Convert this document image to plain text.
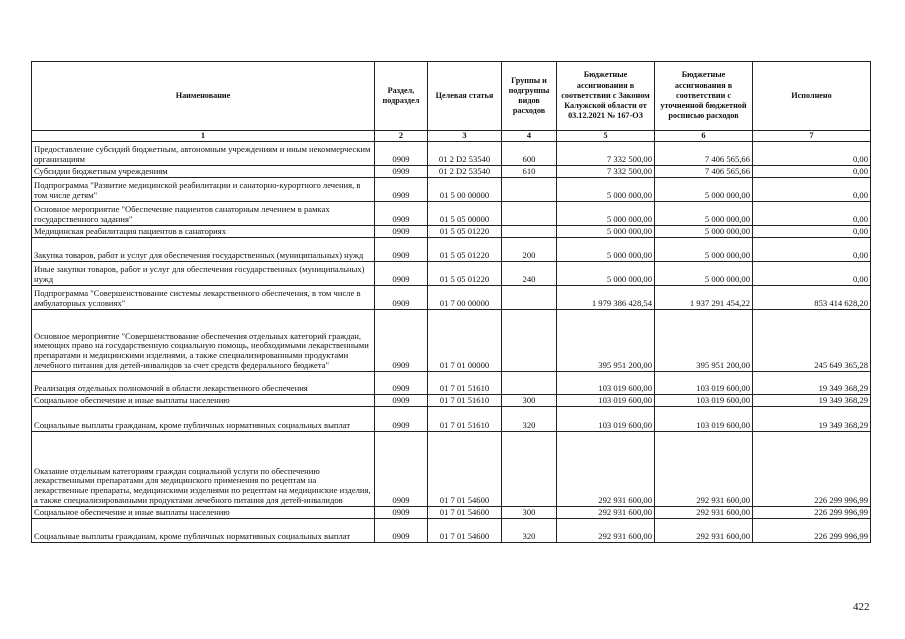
Наименование	Раздел, подраздел	Целевая статья	Группы и подгруппы видов расходов	Бюджетные ассигнования в соответствии с Законом Калужской области от 03.12.2021 № 167-ОЗ	Бюджетные ассигнования в соответствии с уточненной бюджетной росписью расходов	Исполнено
1	2	3	4	5	6	7
Предоставление субсидий бюджетным, автономным учреждениям и иным некоммерческим организациям	0909	01 2 D2 53540	600	7 332 500,00	7 406 565,66	0,00
Субсидии бюджетным учреждениям	0909	01 2 D2 53540	610	7 332 500,00	7 406 565,66	0,00
Подпрограмма "Развитие медицинской реабилитации и санаторно-курортного лечения, в том числе детям"	0909	01 5 00 00000		5 000 000,00	5 000 000,00	0,00
Основное мероприятие "Обеспечение пациентов санаторным лечением в рамках государственного задания"	0909	01 5 05 00000		5 000 000,00	5 000 000,00	0,00
Медицинская реабилитация пациентов в санаториях	0909	01 5 05 01220		5 000 000,00	5 000 000,00	0,00
Закупка товаров, работ и услуг для обеспечения государственных (муниципальных) нужд	0909	01 5 05 01220	200	5 000 000,00	5 000 000,00	0,00
Иные закупки товаров, работ и услуг для обеспечения государственных (муниципальных) нужд	0909	01 5 05 01220	240	5 000 000,00	5 000 000,00	0,00
Подпрограмма "Совершенствование системы лекарственного обеспечения, в том числе в амбулаторных условиях"	0909	01 7 00 00000		1 979 386 428,54	1 937 291 454,22	853 414 628,20
Основное мероприятие "Совершенствование обеспечения отдельных категорий граждан, имеющих право на государственную социальную помощь, необходимыми лекарственными препаратами и медицинскими изделиями, а также специализированными продуктами лечебного питания для детей-инвалидов за счет средств федерального бюджета"	0909	01 7 01 00000		395 951 200,00	395 951 200,00	245 649 365,28
Реализация отдельных полномочий в области лекарственного обеспечения	0909	01 7 01 51610		103 019 600,00	103 019 600,00	19 349 368,29
Социальное обеспечение и иные выплаты населению	0909	01 7 01 51610	300	103 019 600,00	103 019 600,00	19 349 368,29
Социальные выплаты гражданам, кроме публичных нормативных социальных выплат	0909	01 7 01 51610	320	103 019 600,00	103 019 600,00	19 349 368,29
Оказание отдельным категориям граждан социальной услуги по обеспечению лекарственными препаратами для медицинского применения по рецептам на лекарственные препараты, медицинскими изделиями по рецептам на медицинские изделия, а также специализированными продуктами лечебного питания для детей-инвалидов	0909	01 7 01 54600		292 931 600,00	292 931 600,00	226 299 996,99
Социальное обеспечение и иные выплаты населению	0909	01 7 01 54600	300	292 931 600,00	292 931 600,00	226 299 996,99
Социальные выплаты гражданам, кроме публичных нормативных социальных выплат	0909	01 7 01 54600	320	292 931 600,00	292 931 600,00	226 299 996,99
422
